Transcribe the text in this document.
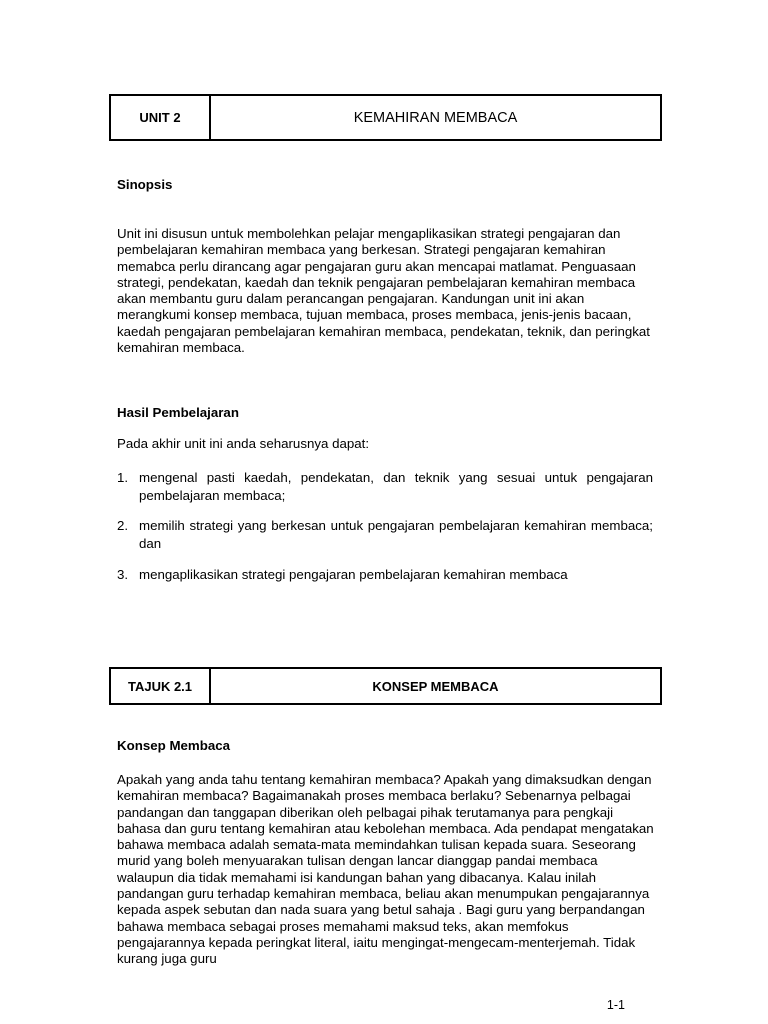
UNIT 2	KEMAHIRAN MEMBACA
Sinopsis

Unit ini disusun untuk membolehkan pelajar mengaplikasikan strategi pengajaran dan pembelajaran kemahiran membaca yang berkesan. Strategi pengajaran kemahiran memabca perlu dirancang agar pengajaran guru akan mencapai matlamat. Penguasaan strategi, pendekatan, kaedah dan teknik pengajaran pembelajaran kemahiran membaca akan membantu guru dalam perancangan pengajaran. Kandungan unit ini akan merangkumi konsep membaca, tujuan membaca, proses membaca, jenis-jenis bacaan, kaedah pengajaran pembelajaran kemahiran membaca, pendekatan, teknik, dan peringkat kemahiran membaca.

Hasil Pembelajaran

Pada akhir unit ini anda seharusnya dapat:

1. mengenal pasti kaedah, pendekatan, dan teknik yang sesuai untuk pengajaran pembelajaran membaca;
2. memilih strategi yang berkesan untuk pengajaran pembelajaran kemahiran membaca; dan
3. mengaplikasikan strategi pengajaran pembelajaran kemahiran membaca
TAJUK 2.1	KONSEP MEMBACA
Konsep Membaca

Apakah yang anda tahu tentang kemahiran membaca? Apakah yang dimaksudkan dengan kemahiran membaca? Bagaimanakah proses membaca berlaku? Sebenarnya pelbagai pandangan dan tanggapan diberikan oleh pelbagai pihak terutamanya para pengkaji bahasa dan guru tentang kemahiran atau kebolehan membaca. Ada pendapat mengatakan bahawa membaca adalah semata-mata memindahkan tulisan kepada suara. Seseorang murid yang boleh menyuarakan tulisan dengan lancar dianggap pandai membaca walaupun dia tidak memahami isi kandungan bahan yang dibacanya. Kalau inilah pandangan guru terhadap kemahiran membaca, beliau akan menumpukan pengajarannya kepada aspek sebutan dan nada suara yang betul sahaja . Bagi guru yang berpandangan bahawa membaca sebagai proses memahami maksud teks, akan memfokus pengajarannya kepada peringkat literal, iaitu mengingat-mengecam-menterjemah. Tidak kurang juga guru

1-1
